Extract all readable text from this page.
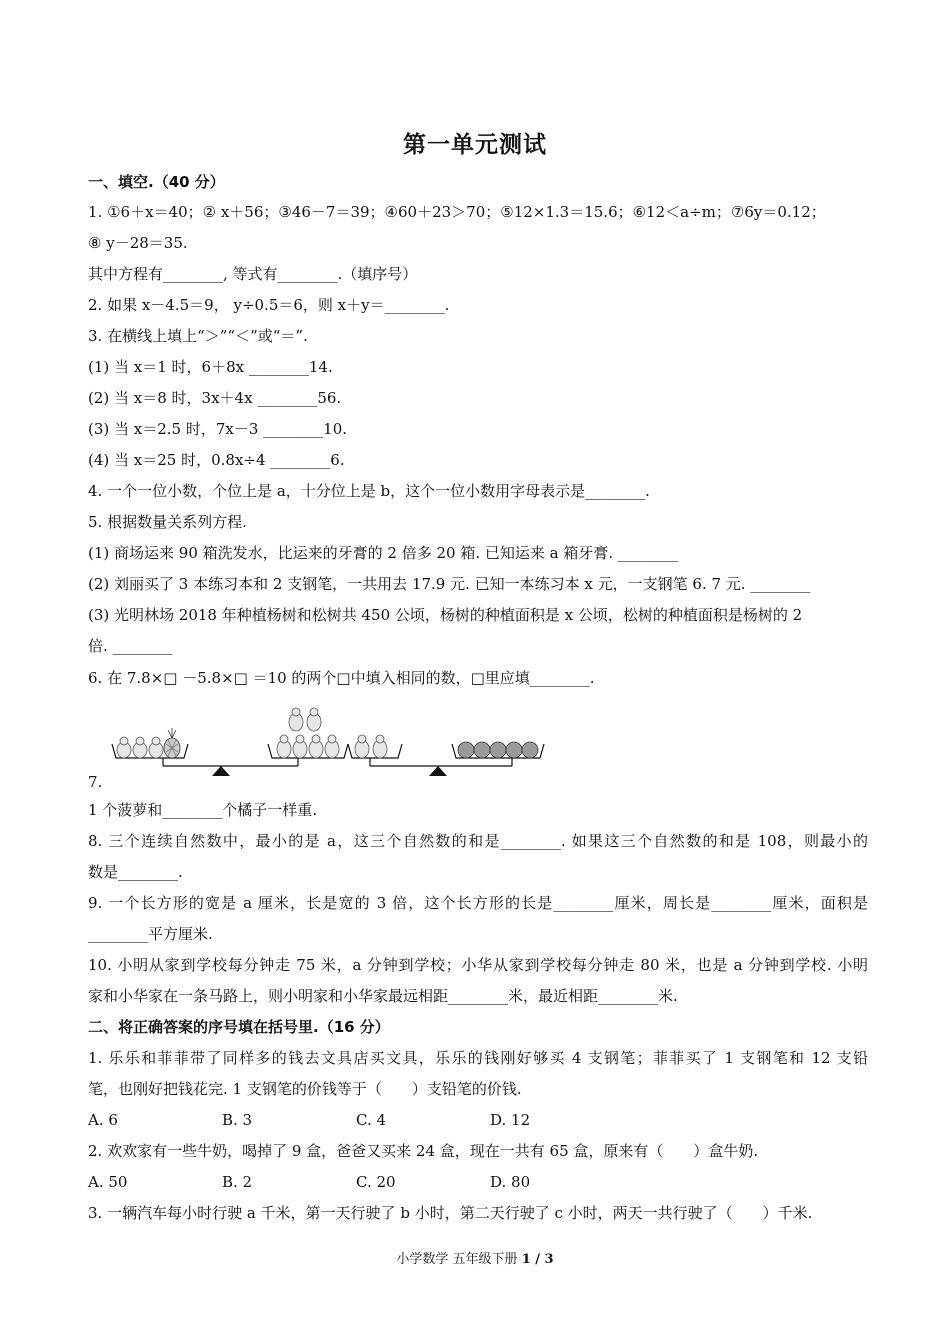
第一单元测试
一、填空.（40 分）
1. ①6＋x＝40；② x＋56；③46－7＝39；④60＋23＞70；⑤12×1.3＝15.6；⑥12＜a÷m；⑦6y＝0.12；
⑧ y－28＝35.
其中方程有________, 等式有________.（填序号）
2. 如果 x－4.5＝9， y÷0.5＝6，则 x＋y＝________.
3. 在横线上填上“＞”“＜”或“＝”.
(1) 当 x＝1 时，6＋8x ________14.
(2) 当 x＝8 时，3x＋4x ________56.
(3) 当 x＝2.5 时，7x－3 ________10.
(4) 当 x＝25 时，0.8x÷4 ________6.
4. 一个一位小数，个位上是 a，十分位上是 b，这个一位小数用字母表示是________.
5. 根据数量关系列方程.
(1) 商场运来 90 箱洗发水，比运来的牙膏的 2 倍多 20 箱. 已知运来 a 箱牙膏. ________
(2) 刘丽买了 3 本练习本和 2 支钢笔，一共用去 17.9 元. 已知一本练习本 x 元，一支钢笔 6. 7 元. ________
(3) 光明林场 2018 年种植杨树和松树共 450 公顷，杨树的种植面积是 x 公顷，松树的种植面积是杨树的 2
倍. ________
6. 在 7.8×□ －5.8×□ ＝10 的两个□中填入相同的数，□里应填________.
7.
1 个菠萝和________个橘子一样重.
8. 三个连续自然数中，最小的是 a，这三个自然数的和是________. 如果这三个自然数的和是 108，则最小的
数是________.
9. 一个长方形的宽是 a 厘米，长是宽的 3 倍，这个长方形的长是________厘米，周长是________厘米，面积是
________平方厘米.
10. 小明从家到学校每分钟走 75 米，a 分钟到学校；小华从家到学校每分钟走 80 米，也是 a 分钟到学校. 小明
家和小华家在一条马路上，则小明家和小华家最远相距________米，最近相距________米.
二、将正确答案的序号填在括号里.（16 分）
1. 乐乐和菲菲带了同样多的钱去文具店买文具，乐乐的钱刚好够买 4 支钢笔；菲菲买了 1 支钢笔和 12 支铅
笔，也刚好把钱花完. 1 支钢笔的价钱等于（　　）支铅笔的价钱.
A. 6	B. 3	C. 4	D. 12
2. 欢欢家有一些牛奶，喝掉了 9 盒，爸爸又买来 24 盒，现在一共有 65 盒，原来有（　　）盒牛奶.
A. 50	B. 2	C. 20	D. 80
3. 一辆汽车每小时行驶 a 千米，第一天行驶了 b 小时，第二天行驶了 c 小时，两天一共行驶了（　　）千米.
小学数学 五年级下册 1 / 3
